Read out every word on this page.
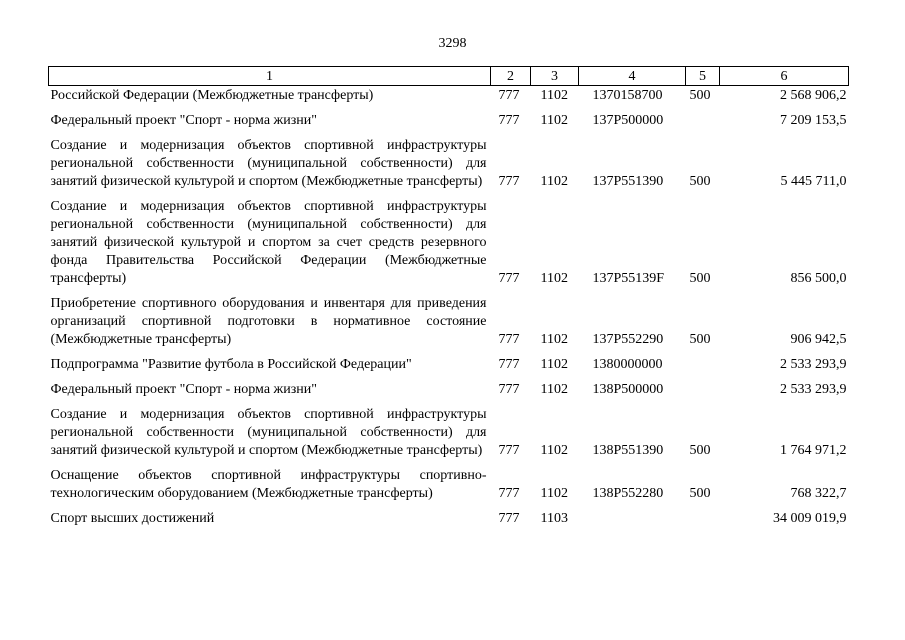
3298
1	2	3	4	5	6
Российской Федерации (Межбюджетные трансферты)	777	1102	1370158700	500	2 568 906,2
Федеральный проект "Спорт - норма жизни"	777	1102	137P500000		7 209 153,5
Создание и модернизация объектов спортивной инфраструктуры региональной собственности (муниципальной собственности) для занятий физической культурой и спортом (Межбюджетные трансферты)	777	1102	137P551390	500	5 445 711,0
Создание и модернизация объектов спортивной инфраструктуры региональной собственности (муниципальной собственности) для занятий физической культурой и спортом за счет средств резервного фонда Правительства Российской Федерации (Межбюджетные трансферты)	777	1102	137P55139F	500	856 500,0
Приобретение спортивного оборудования и инвентаря для приведения организаций спортивной подготовки в нормативное состояние (Межбюджетные трансферты)	777	1102	137P552290	500	906 942,5
Подпрограмма "Развитие футбола в Российской Федерации"	777	1102	1380000000		2 533 293,9
Федеральный проект "Спорт - норма жизни"	777	1102	138P500000		2 533 293,9
Создание и модернизация объектов спортивной инфраструктуры региональной собственности (муниципальной собственности) для занятий физической культурой и спортом (Межбюджетные трансферты)	777	1102	138P551390	500	1 764 971,2
Оснащение объектов спортивной инфраструктуры спортивно-технологическим оборудованием (Межбюджетные трансферты)	777	1102	138P552280	500	768 322,7
Спорт высших достижений	777	1103			34 009 019,9
